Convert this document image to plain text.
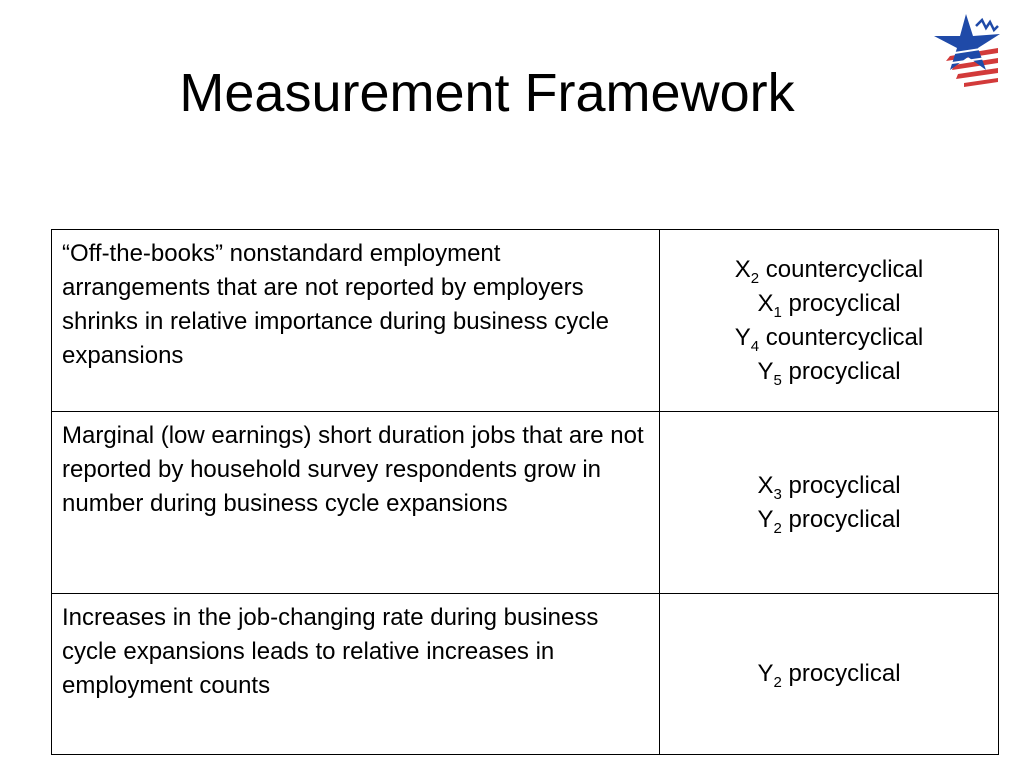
Measurement Framework
“Off-the-books” nonstandard employment arrangements that are not reported by employers shrinks in relative importance during business cycle expansions	$X_2$ countercyclical
$X_1$ procyclical
$Y_4$ countercyclical
$Y_5$ procyclical

Marginal (low earnings) short duration jobs that are not reported by household survey respondents grow in number during business cycle expansions	$X_3$ procyclical
$Y_2$ procyclical

Increases in the job-changing rate during business cycle expansions leads to relative increases in employment counts	$Y_2$ procyclical
